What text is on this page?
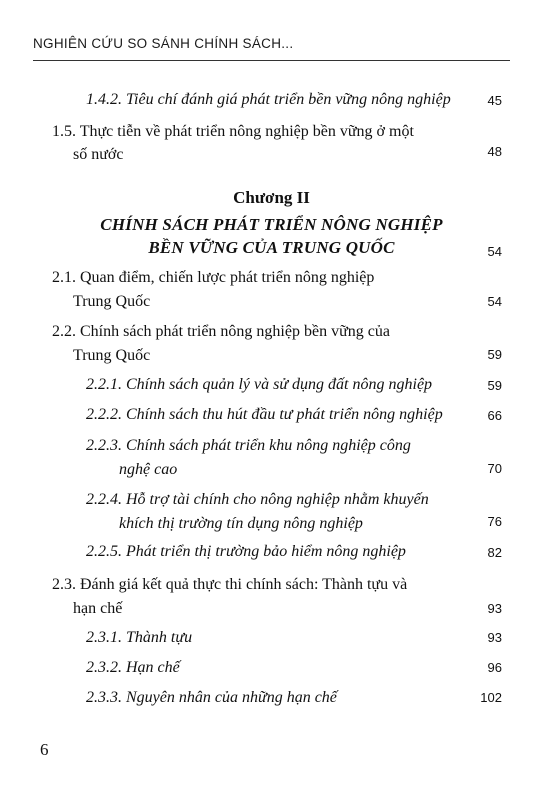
NGHIÊN CỨU SO SÁNH CHÍNH SÁCH...
1.4.2. Tiêu chí đánh giá phát triển bền vững nông nghiệp	45
1.5. Thực tiễn về phát triển nông nghiệp bền vững ở một
số nước	48
Chương II
CHÍNH SÁCH PHÁT TRIỂN NÔNG NGHIỆP
BỀN VỮNG CỦA TRUNG QUỐC	54
2.1. Quan điểm, chiến lược phát triển nông nghiệp
Trung Quốc	54
2.2. Chính sách phát triển nông nghiệp bền vững của
Trung Quốc	59
2.2.1. Chính sách quản lý và sử dụng đất nông nghiệp	59
2.2.2. Chính sách thu hút đầu tư phát triển nông nghiệp	66
2.2.3. Chính sách phát triển khu nông nghiệp công
nghệ cao	70
2.2.4. Hỗ trợ tài chính cho nông nghiệp nhằm khuyến
khích thị trường tín dụng nông nghiệp	76
2.2.5. Phát triển thị trường bảo hiểm nông nghiệp	82
2.3. Đánh giá kết quả thực thi chính sách: Thành tựu và
hạn chế	93
2.3.1. Thành tựu	93
2.3.2. Hạn chế	96
2.3.3. Nguyên nhân của những hạn chế	102
6
